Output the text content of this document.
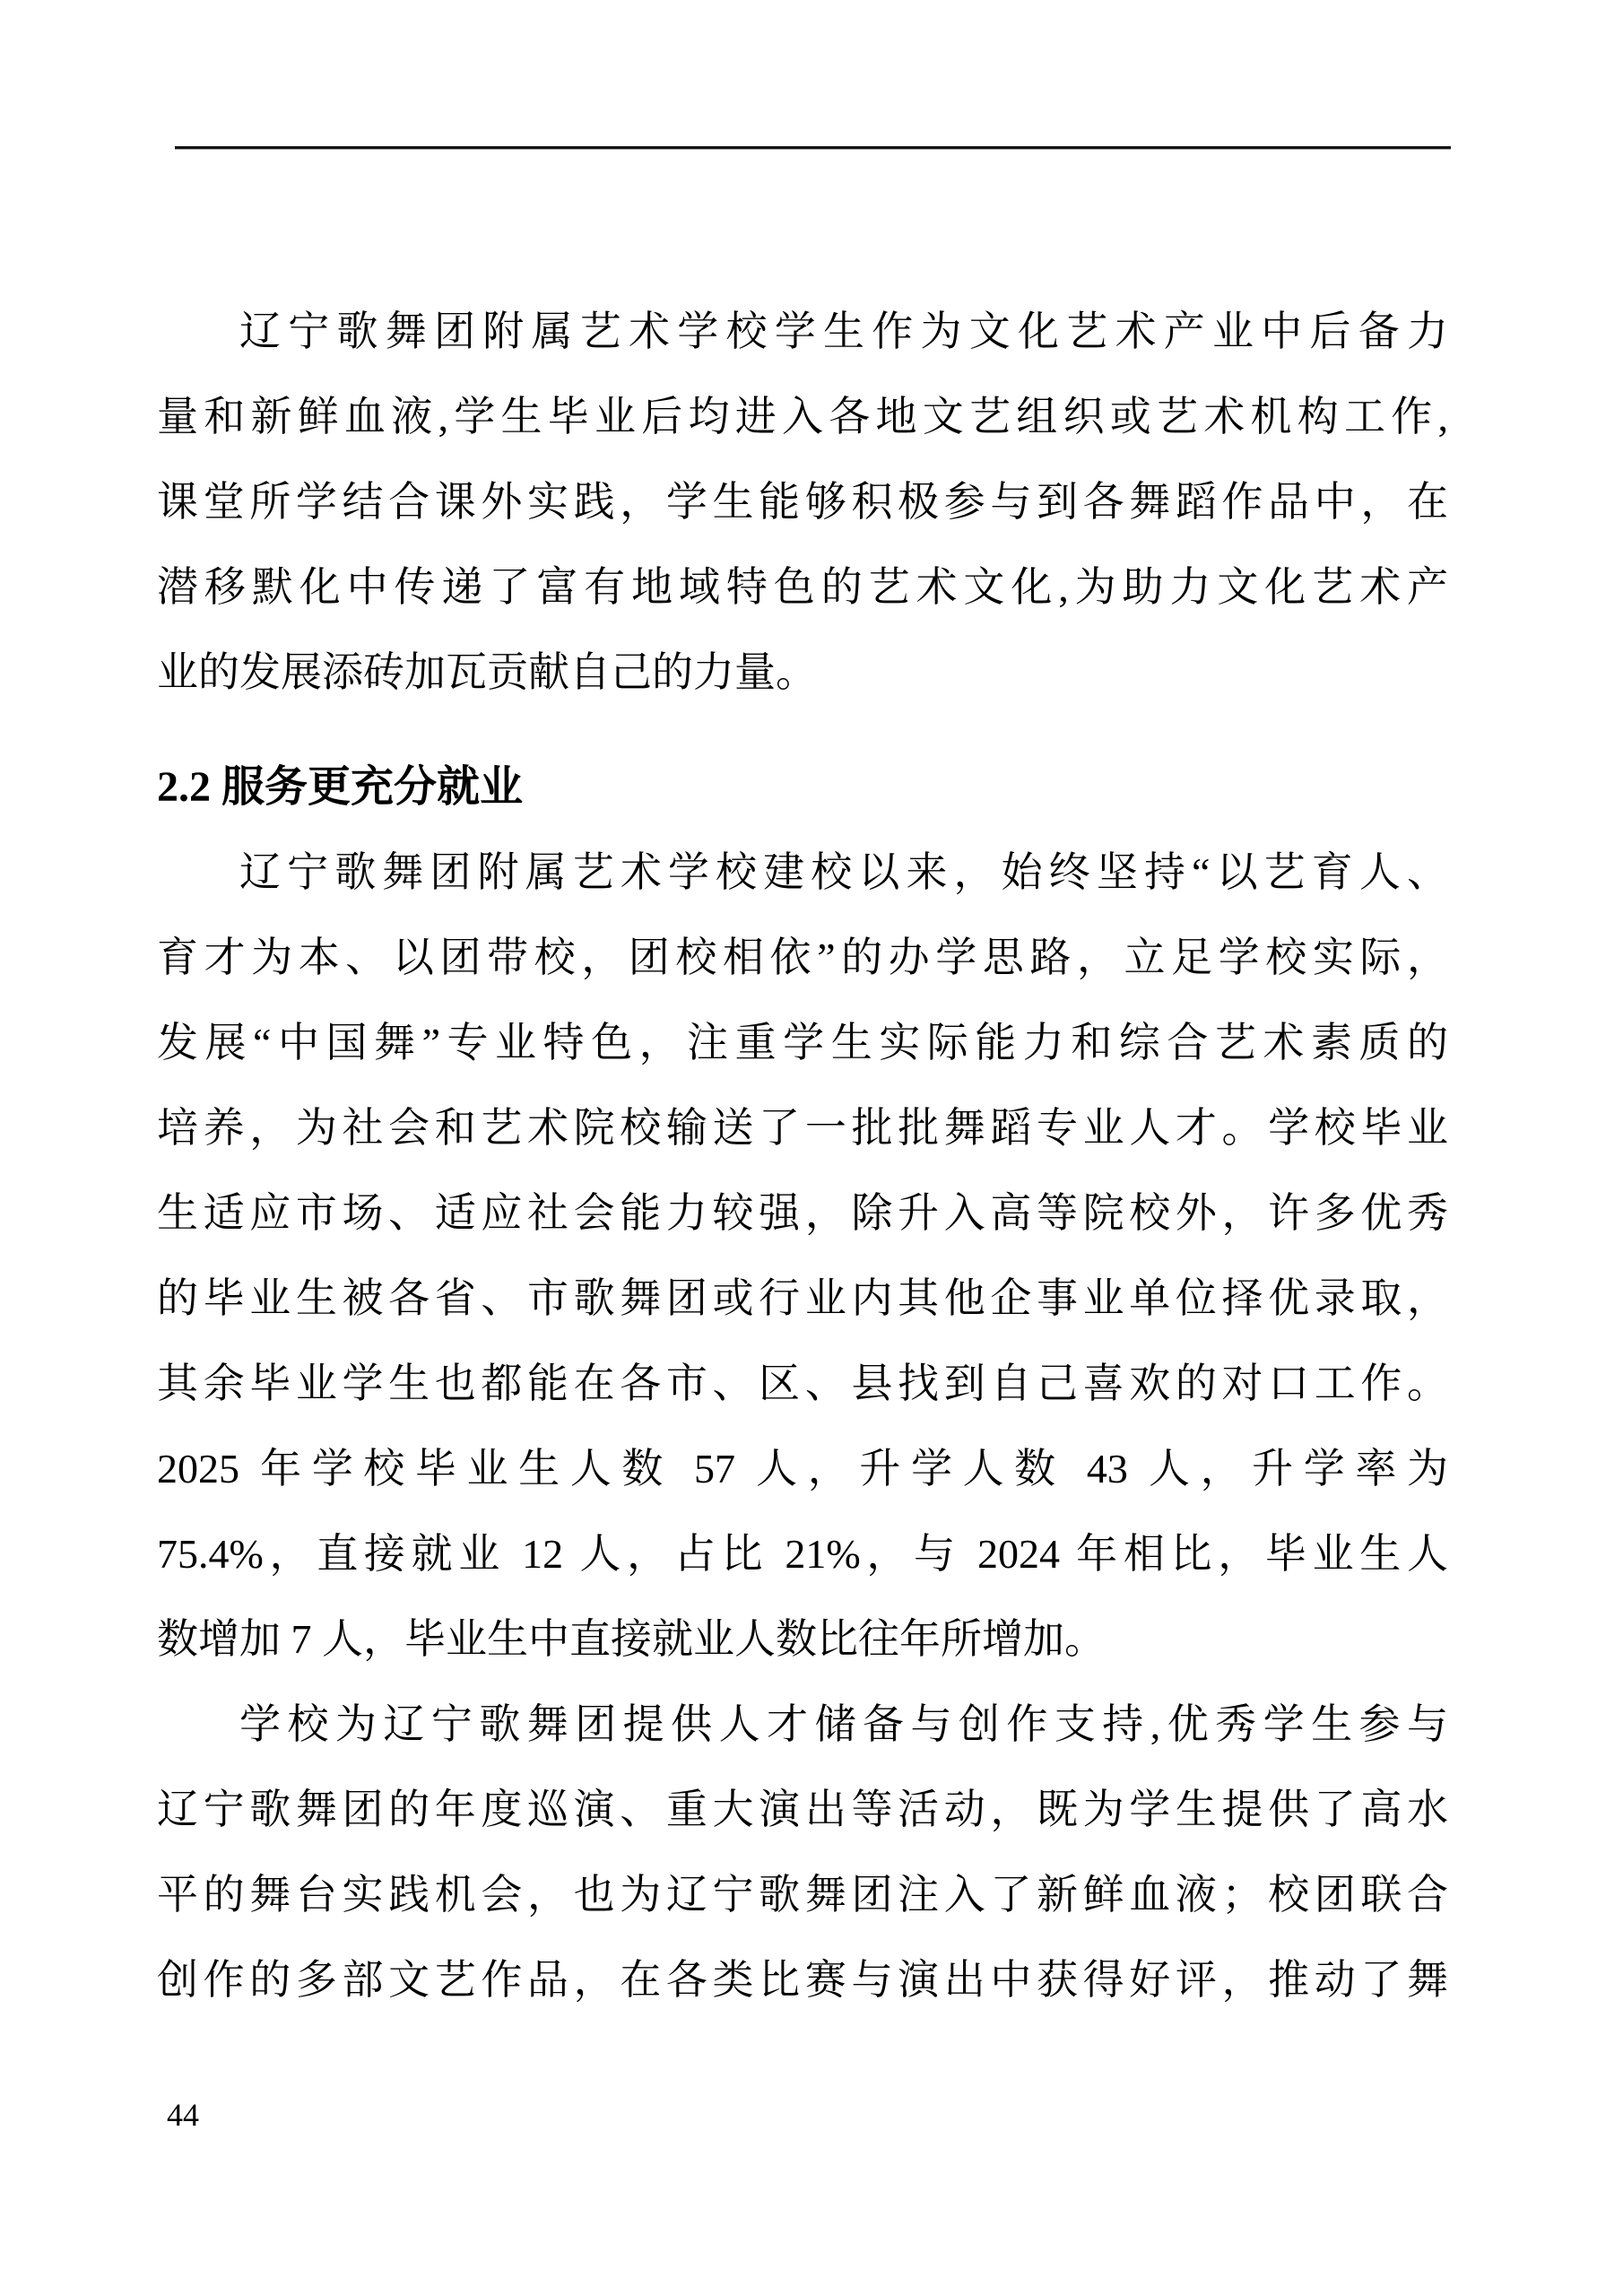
辽宁歌舞团附属艺术学校学生作为文化艺术产业中后备力
量和新鲜血液,学生毕业后均进入各地文艺组织或艺术机构工作,
课堂所学结合课外实践，学生能够积极参与到各舞蹈作品中，在
潜移默化中传递了富有地域特色的艺术文化,为助力文化艺术产
业的发展添砖加瓦贡献自己的力量。
2.2 服务更充分就业
辽宁歌舞团附属艺术学校建校以来，始终坚持“以艺育人、
育才为本、以团带校，团校相依”的办学思路，立足学校实际，
发展“中国舞”专业特色，注重学生实际能力和综合艺术素质的
培养，为社会和艺术院校输送了一批批舞蹈专业人才。学校毕业
生适应市场、适应社会能力较强，除升入高等院校外，许多优秀
的毕业生被各省、市歌舞团或行业内其他企事业单位择优录取，
其余毕业学生也都能在各市、区、县找到自己喜欢的对口工作。
2025 年学校毕业生人数 57 人，升学人数 43 人，升学率为
75.4%，直接就业 12 人，占比 21%，与 2024 年相比，毕业生人
数增加 7 人，毕业生中直接就业人数比往年所增加。
学校为辽宁歌舞团提供人才储备与创作支持,优秀学生参与
辽宁歌舞团的年度巡演、重大演出等活动，既为学生提供了高水
平的舞台实践机会，也为辽宁歌舞团注入了新鲜血液；校团联合
创作的多部文艺作品，在各类比赛与演出中获得好评，推动了舞
44
